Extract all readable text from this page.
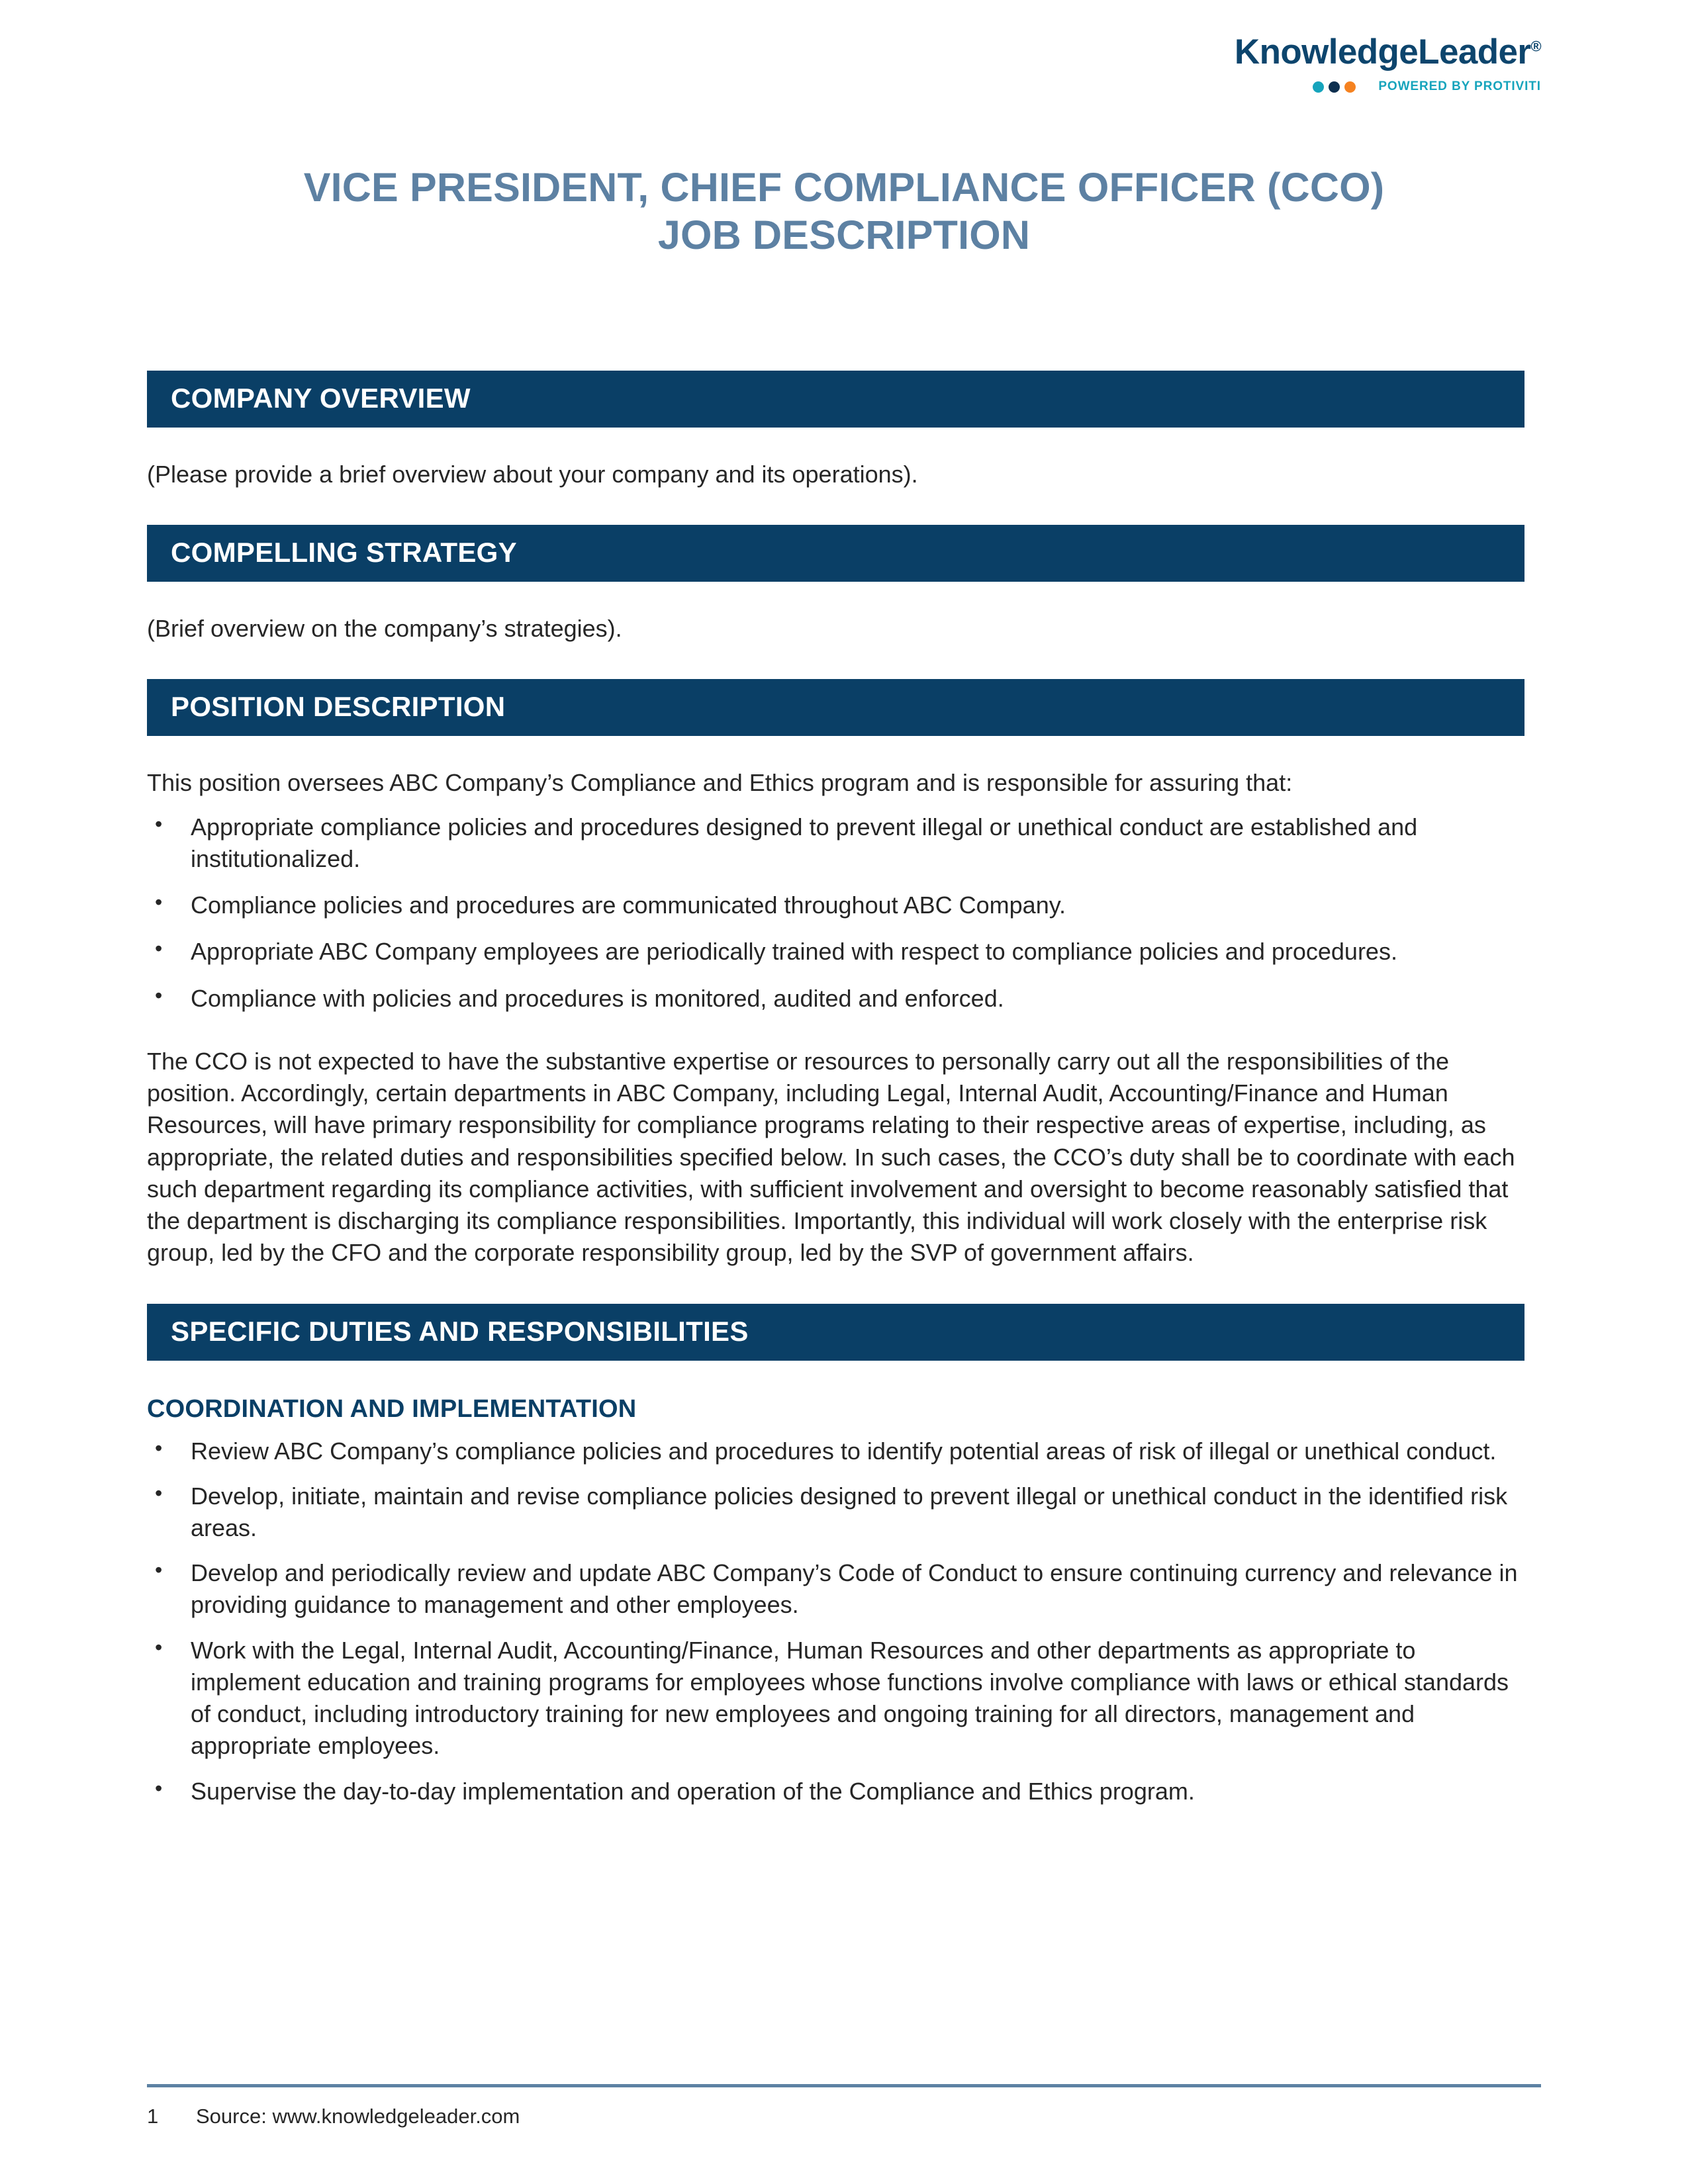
KnowledgeLeader®
POWERED BY PROTIVITI
VICE PRESIDENT, CHIEF COMPLIANCE OFFICER (CCO)
JOB DESCRIPTION
COMPANY OVERVIEW

(Please provide a brief overview about your company and its operations).

COMPELLING STRATEGY

(Brief overview on the company’s strategies).

POSITION DESCRIPTION

This position oversees ABC Company’s Compliance and Ethics program and is responsible for assuring that:

• Appropriate compliance policies and procedures designed to prevent illegal or unethical conduct are established and institutionalized.
• Compliance policies and procedures are communicated throughout ABC Company.
• Appropriate ABC Company employees are periodically trained with respect to compliance policies and procedures.
• Compliance with policies and procedures is monitored, audited and enforced.

The CCO is not expected to have the substantive expertise or resources to personally carry out all the responsibilities of the position. Accordingly, certain departments in ABC Company, including Legal, Internal Audit, Accounting/Finance and Human Resources, will have primary responsibility for compliance programs relating to their respective areas of expertise, including, as appropriate, the related duties and responsibilities specified below. In such cases, the CCO’s duty shall be to coordinate with each such department regarding its compliance activities, with sufficient involvement and oversight to become reasonably satisfied that the department is discharging its compliance responsibilities. Importantly, this individual will work closely with the enterprise risk group, led by the CFO and the corporate responsibility group, led by the SVP of government affairs.

SPECIFIC DUTIES AND RESPONSIBILITIES
COORDINATION AND IMPLEMENTATION
• Review ABC Company’s compliance policies and procedures to identify potential areas of risk of illegal or unethical conduct.
• Develop, initiate, maintain and revise compliance policies designed to prevent illegal or unethical conduct in the identified risk areas.
• Develop and periodically review and update ABC Company’s Code of Conduct to ensure continuing currency and relevance in providing guidance to management and other employees.
• Work with the Legal, Internal Audit, Accounting/Finance, Human Resources and other departments as appropriate to implement education and training programs for employees whose functions involve compliance with laws or ethical standards of conduct, including introductory training for new employees and ongoing training for all directors, management and appropriate employees.
• Supervise the day-to-day implementation and operation of the Compliance and Ethics program.
1	Source: www.knowledgeleader.com
